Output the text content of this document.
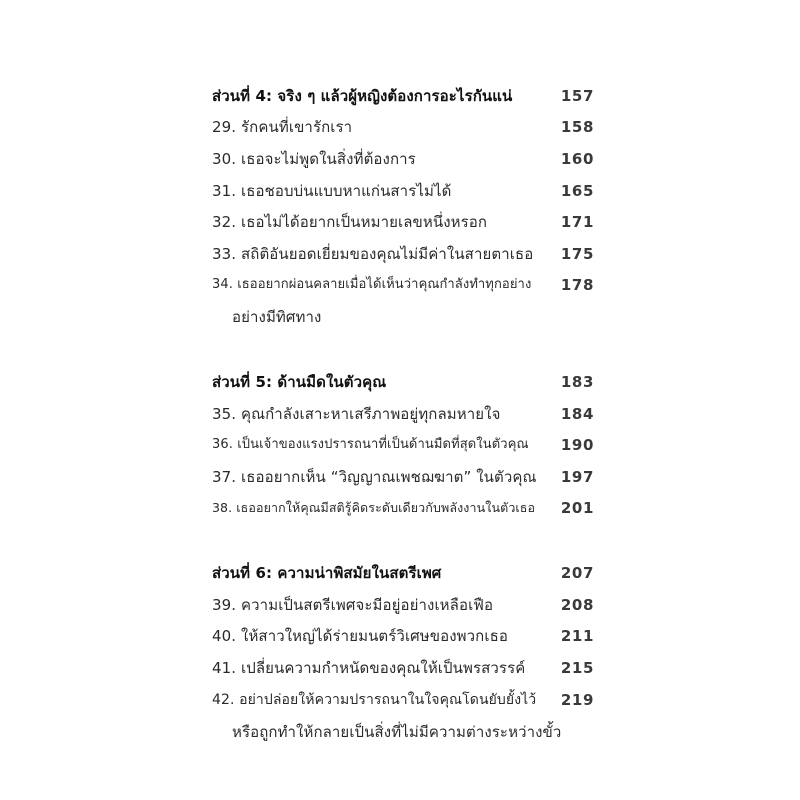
ส่วนที่ 4: จริง ๆ แล้วผู้หญิงต้องการอะไรกันแน่	157
29. รักคนที่เขารักเรา	158
30. เธอจะไม่พูดในสิ่งที่ต้องการ	160
31. เธอชอบบ่นแบบหาแก่นสารไม่ได้	165
32. เธอไม่ได้อยากเป็นหมายเลขหนึ่งหรอก	171
33. สถิติอันยอดเยี่ยมของคุณไม่มีค่าในสายตาเธอ 175
34. เธออยากผ่อนคลายเมื่อได้เห็นว่าคุณกำลังทำทุกอย่าง 178
อย่างมีทิศทาง
ส่วนที่ 5: ด้านมืดในตัวคุณ	183
35. คุณกำลังเสาะหาเสรีภาพอยู่ทุกลมหายใจ	184
36. เป็นเจ้าของแรงปรารถนาที่เป็นด้านมืดที่สุดในตัวคุณ 190
37. เธออยากเห็น “วิญญาณเพชฌฆาต” ในตัวคุณ 197
38. เธออยากให้คุณมีสติรู้คิดระดับเดียวกับพลังงานในตัวเธอ 201
ส่วนที่ 6: ความน่าพิสมัยในสตรีเพศ	207
39. ความเป็นสตรีเพศจะมีอยู่อย่างเหลือเฟือ	208
40. ให้สาวใหญ่ได้ร่ายมนตร์วิเศษของพวกเธอ	211
41. เปลี่ยนความกำหนัดของคุณให้เป็นพรสวรรค์ 215
42. อย่าปล่อยให้ความปรารถนาในใจคุณโดนยับยั้งไว้ 219
หรือถูกทำให้กลายเป็นสิ่งที่ไม่มีความต่างระหว่างขั้ว
